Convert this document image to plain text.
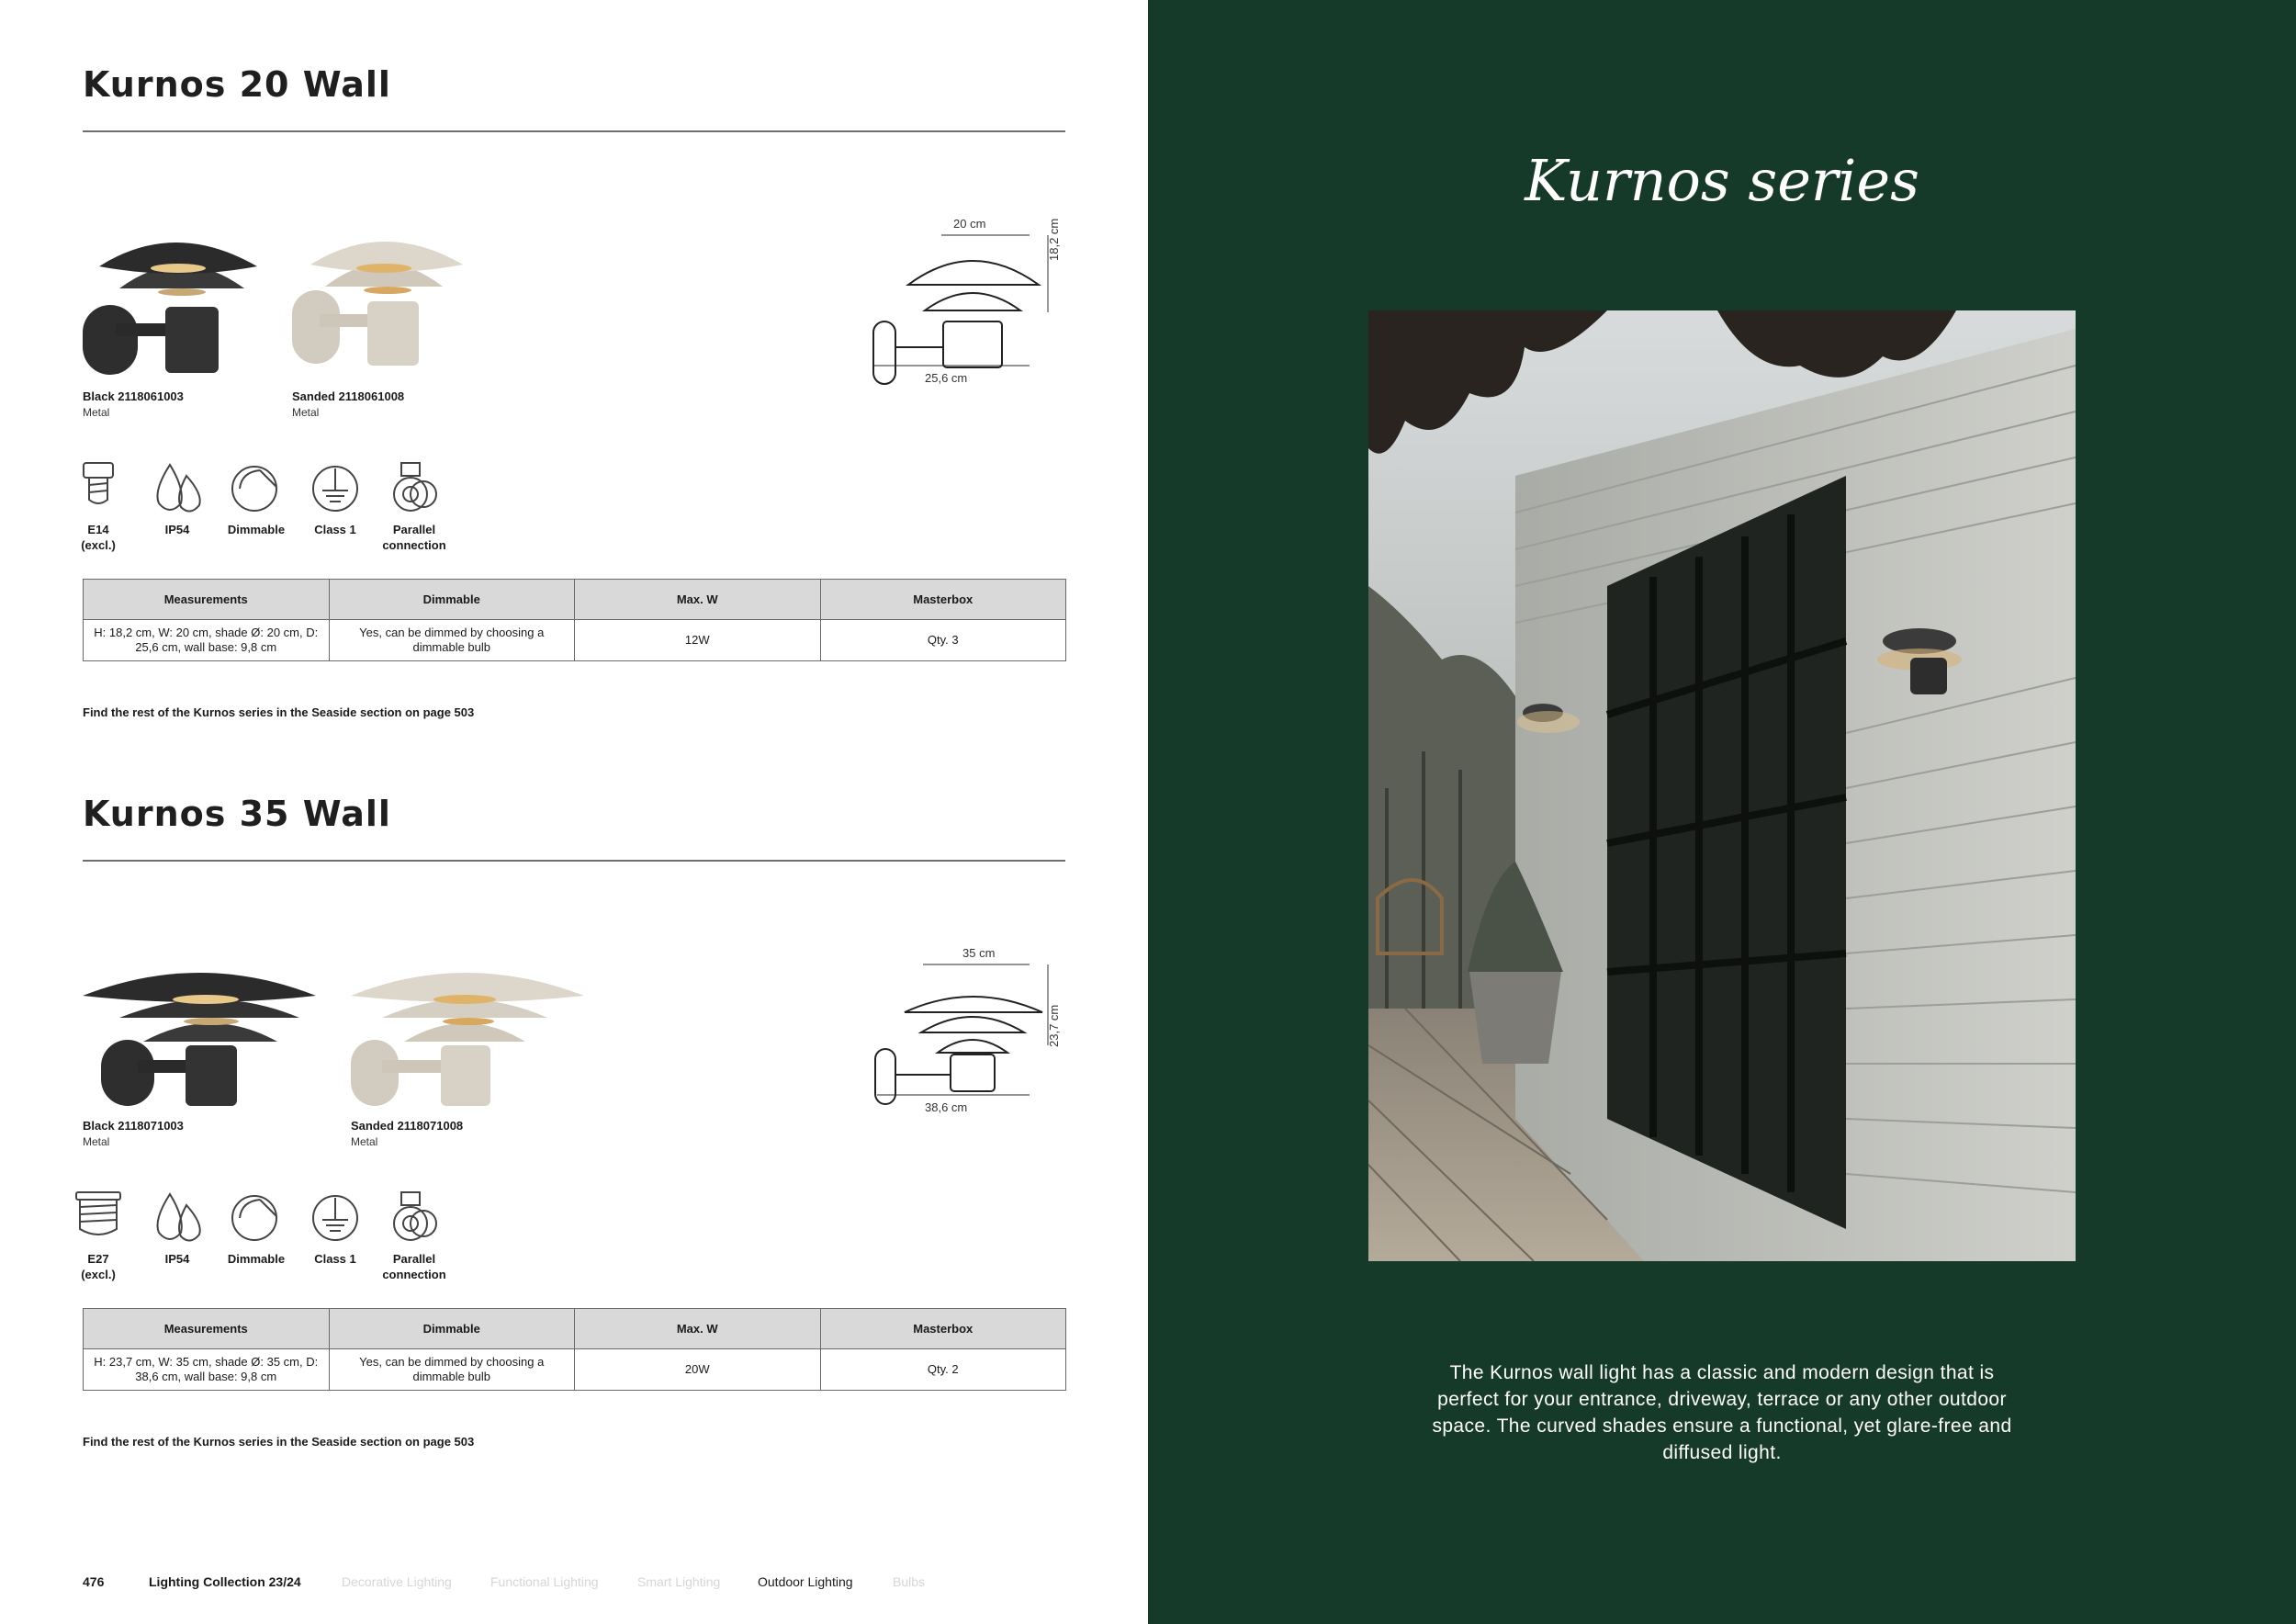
Kurnos 20 Wall
Black 2118061003
Metal
Sanded 2118061008
Metal
20 cm	18,2 cm
25,6 cm
E14
(excl.)
IP54	Dimmable	Class 1	Parallel
connection
Measurements	Dimmable	Max. W	Masterbox
H: 18,2 cm, W: 20 cm, shade Ø: 20 cm, D: 25,6 cm, wall base: 9,8 cm	Yes, can be dimmed by choosing a dimmable bulb	12W	Qty. 3
Find the rest of the Kurnos series in the Seaside section on page 503
Kurnos 35 Wall
Black 2118071003
Metal
Sanded 2118071008
Metal
35 cm
23,7 cm
38,6 cm
E27
(excl.)
IP54	Dimmable	Class 1	Parallel
connection
Measurements	Dimmable	Max. W	Masterbox
H: 23,7 cm, W: 35 cm, shade Ø: 35 cm, D: 38,6 cm, wall base: 9,8 cm	Yes, can be dimmed by choosing a dimmable bulb	20W	Qty. 2
Find the rest of the Kurnos series in the Seaside section on page 503
476	Lighting Collection 23/24	Decorative Lighting	Functional Lighting	Smart Lighting	Outdoor Lighting	Bulbs
Kurnos series
The Kurnos wall light has a classic and modern design that is perfect for your entrance, driveway, terrace or any other outdoor space. The curved shades ensure a functional, yet glare-free and diffused light.
